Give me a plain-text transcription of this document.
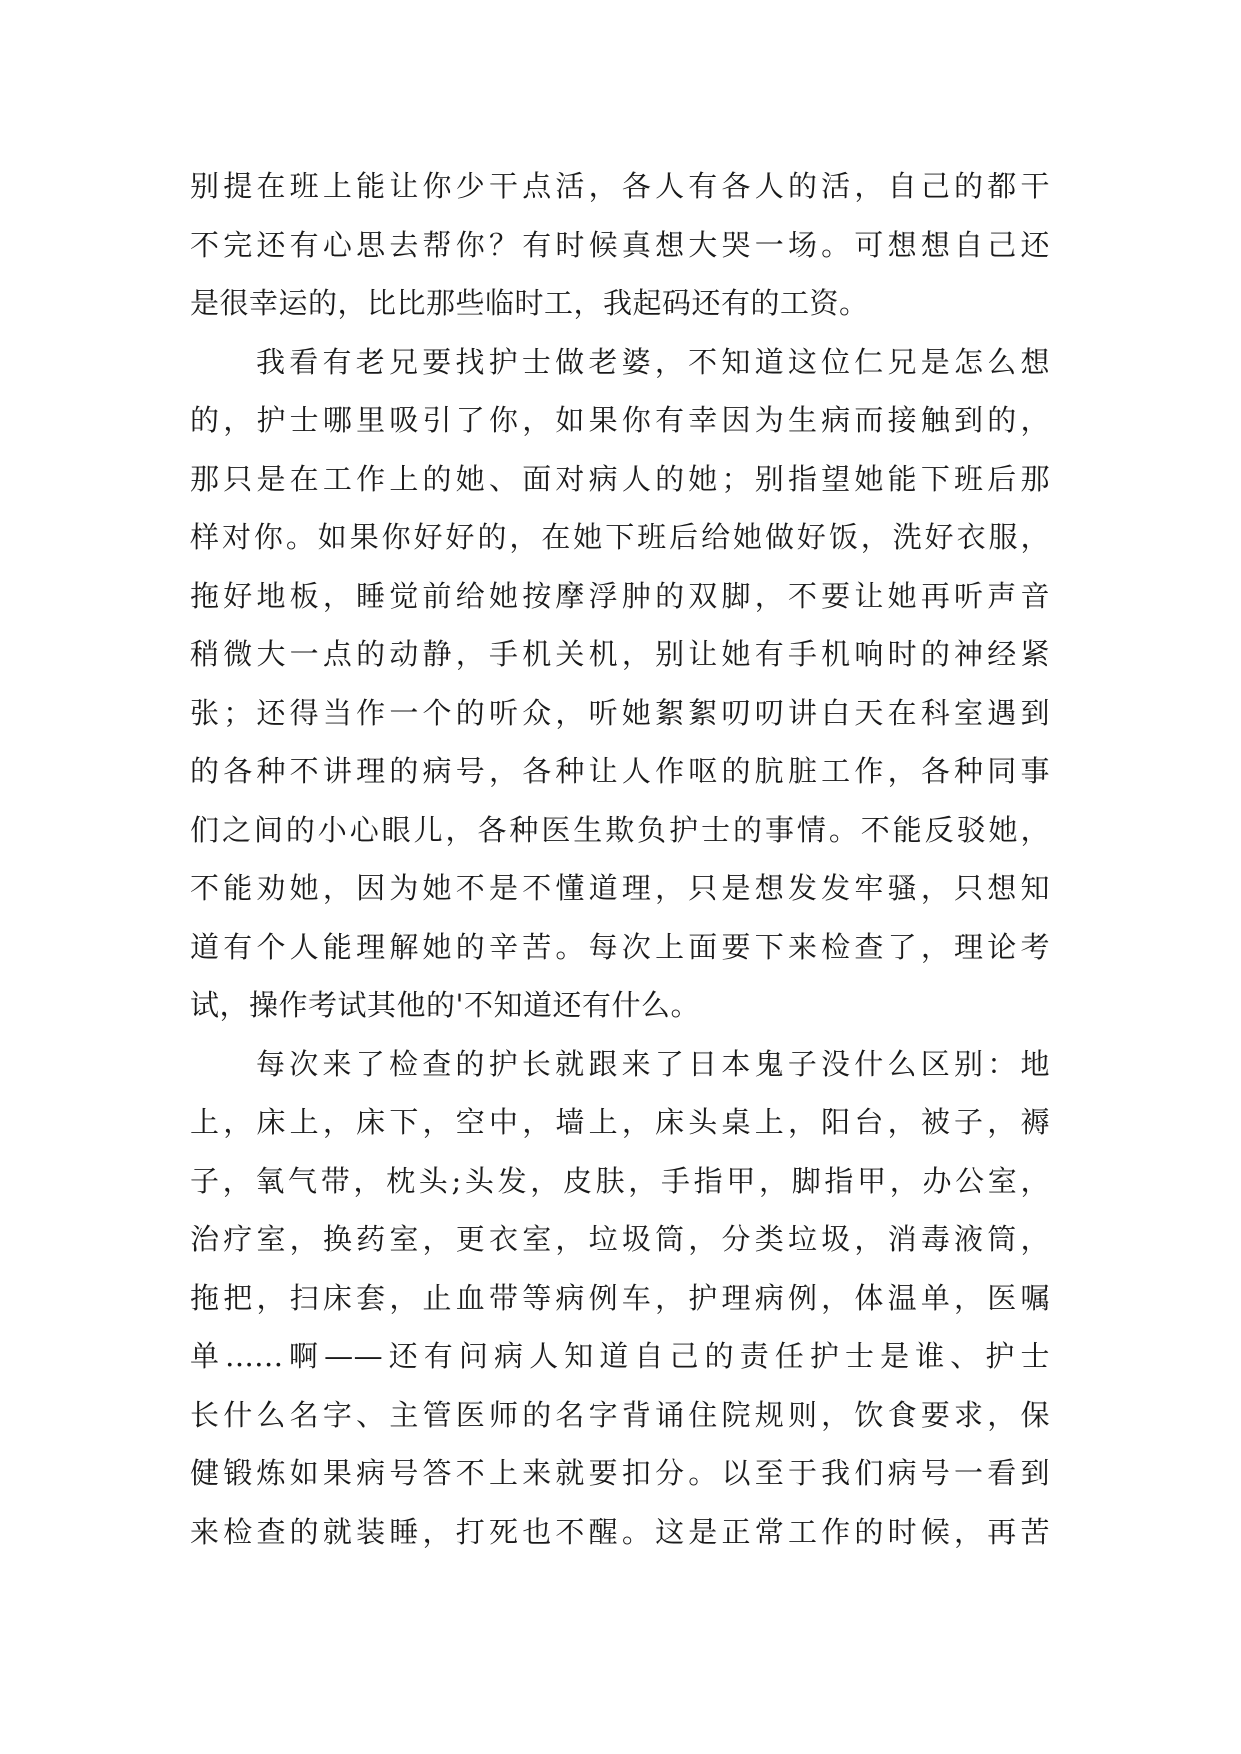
别提在班上能让你少干点活，各人有各人的活，自己的都干
不完还有心思去帮你？有时候真想大哭一场。可想想自己还
是很幸运的，比比那些临时工，我起码还有的工资。
我看有老兄要找护士做老婆，不知道这位仁兄是怎么想
的，护士哪里吸引了你，如果你有幸因为生病而接触到的，
那只是在工作上的她、面对病人的她；别指望她能下班后那
样对你。如果你好好的，在她下班后给她做好饭，洗好衣服，
拖好地板，睡觉前给她按摩浮肿的双脚，不要让她再听声音
稍微大一点的动静，手机关机，别让她有手机响时的神经紧
张；还得当作一个的听众，听她絮絮叨叨讲白天在科室遇到
的各种不讲理的病号，各种让人作呕的肮脏工作，各种同事
们之间的小心眼儿，各种医生欺负护士的事情。不能反驳她，
不能劝她，因为她不是不懂道理，只是想发发牢骚，只想知
道有个人能理解她的辛苦。每次上面要下来检查了，理论考
试，操作考试其他的'不知道还有什么。
每次来了检查的护长就跟来了日本鬼子没什么区别：地
上，床上，床下，空中，墙上，床头桌上，阳台，被子，褥
子，氧气带，枕头;头发，皮肤，手指甲，脚指甲，办公室，
治疗室，换药室，更衣室，垃圾筒，分类垃圾，消毒液筒，
拖把，扫床套，止血带等病例车，护理病例，体温单，医嘱
单......啊——还有问病人知道自己的责任护士是谁、护士
长什么名字、主管医师的名字背诵住院规则，饮食要求，保
健锻炼如果病号答不上来就要扣分。以至于我们病号一看到
来检查的就装睡，打死也不醒。这是正常工作的时候，再苦
